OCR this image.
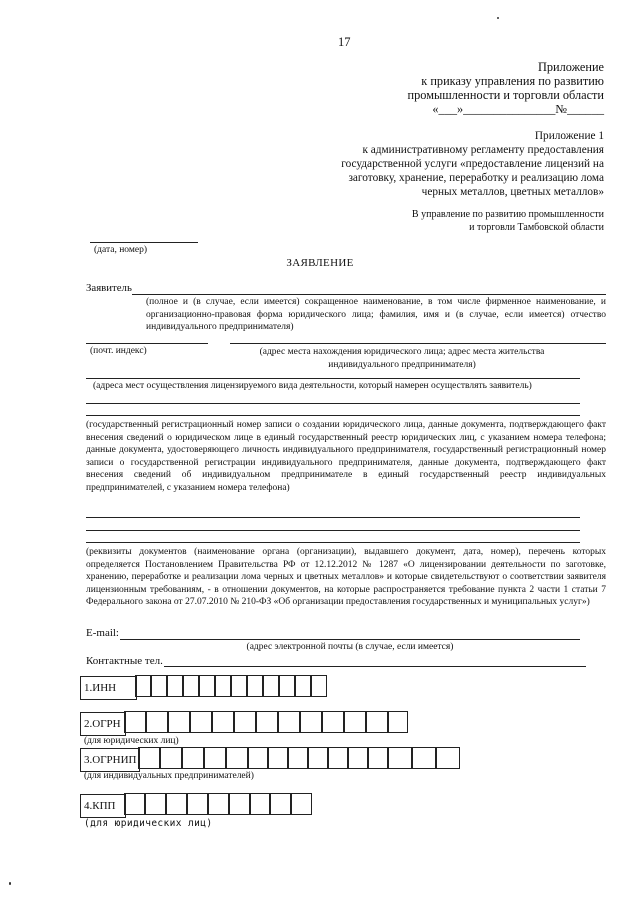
17
Приложение
к приказу управления по развитию
промышленности и торговли области
«___»_______________№______
Приложение 1
к административному регламенту предоставления
государственной услуги «предоставление лицензий на
заготовку, хранение, переработку и реализацию лома
черных металлов, цветных металлов»
В управление по развитию промышленности
и торговли Тамбовской области
(дата, номер)
ЗАЯВЛЕНИЕ
Заявитель
(полное и (в случае, если имеется) сокращенное наименование, в том числе фирменное наименование, и организационно-правовая форма юридического лица; фамилия, имя и (в случае, если имеется) отчество индивидуального предпринимателя)
(почт. индекс)	(адрес места нахождения юридического лица; адрес места жительства индивидуального предпринимателя)
(адреса мест осуществления лицензируемого вида деятельности, который намерен осуществлять заявитель)
(государственный регистрационный номер записи о создании юридического лица, данные документа, подтверждающего факт внесения сведений о юридическом лице в единый государственный реестр юридических лиц, с указанием номера телефона; данные документа, удостоверяющего личность индивидуального предпринимателя, государственный регистрационный номер записи о государственной регистрации индивидуального предпринимателя, данные документа, подтверждающего факт внесения сведений об индивидуальном предпринимателе в единый государственный реестр индивидуальных предпринимателей, с указанием номера телефона)
(реквизиты документов (наименование органа (организации), выдавшего документ, дата, номер), перечень которых определяется Постановлением Правительства РФ от 12.12.2012 № 1287 «О лицензировании деятельности по заготовке, хранению, переработке и реализации лома черных и цветных металлов» и которые свидетельствуют о соответствии заявителя лицензионным требованиям, - в отношении документов, на которые распространяется требование пункта 2 части 1 статьи 7 Федерального закона от 27.07.2010 № 210-ФЗ «Об организации предоставления государственных и муниципальных услуг»)
E-mail:
(адрес электронной почты (в случае, если имеется)
Контактные тел.
1.ИНН
2.ОГРН
(для юридических лиц)
3.ОГРНИП
(для индивидуальных предпринимателей)
4.КПП
(для юридических лиц)
